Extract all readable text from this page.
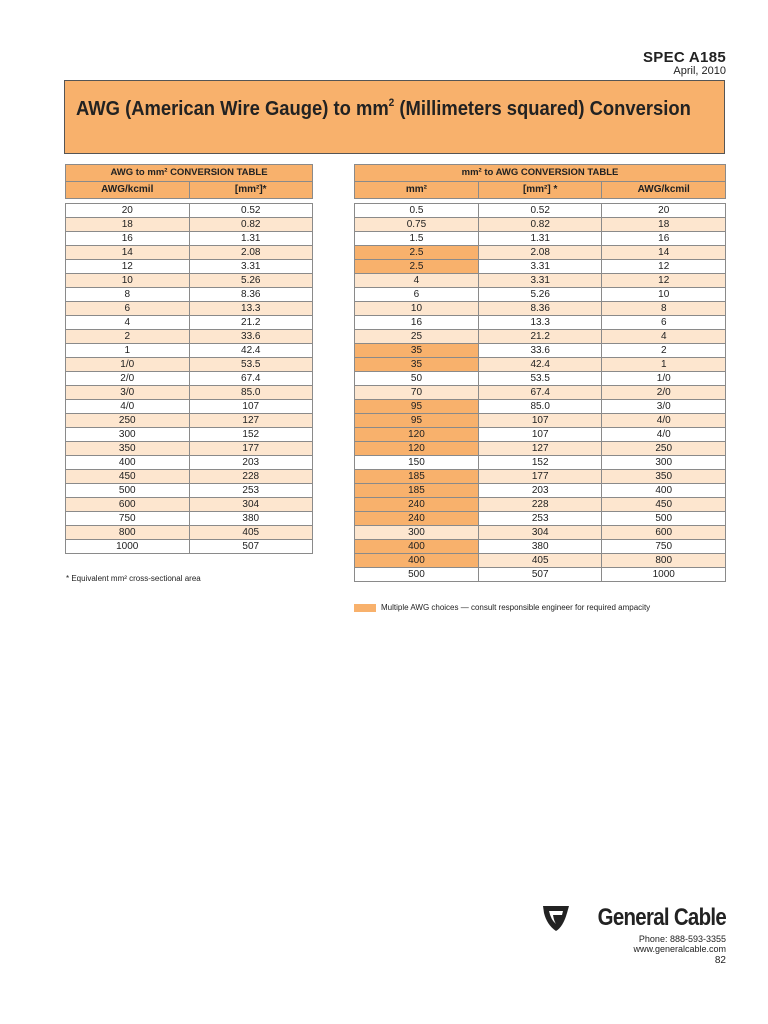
SPEC A185
April, 2010
AWG (American Wire Gauge) to $mm^2$ (Millimeters squared) Conversion
AWG to mm² CONVERSION TABLE	
AWG/kcmil	[mm²]*

20	0.52
18	0.82
16	1.31
14	2.08
12	3.31
10	5.26
8	8.36
6	13.3
4	21.2
2	33.6
1	42.4
1/0	53.5
2/0	67.4
3/0	85.0
4/0	107
250	127
300	152
350	177
400	203
450	228
500	253
600	304
750	380
800	405
1000	507
* Equivalent mm² cross-sectional area
mm² to AWG CONVERSION TABLE		
mm²	[mm²] *	AWG/kcmil

0.5	0.52	20
0.75	0.82	18
1.5	1.31	16
2.5	2.08	14
2.5	3.31	12
4	3.31	12
6	5.26	10
10	8.36	8
16	13.3	6
25	21.2	4
35	33.6	2
35	42.4	1
50	53.5	1/0
70	67.4	2/0
95	85.0	3/0
95	107	4/0
120	107	4/0
120	127	250
150	152	300
185	177	350
185	203	400
240	228	450
240	253	500
300	304	600
400	380	750
400	405	800
500	507	1000
Multiple AWG choices — consult responsible engineer for required ampacity
General Cable
Phone: 888-593-3355
www.generalcable.com
82
